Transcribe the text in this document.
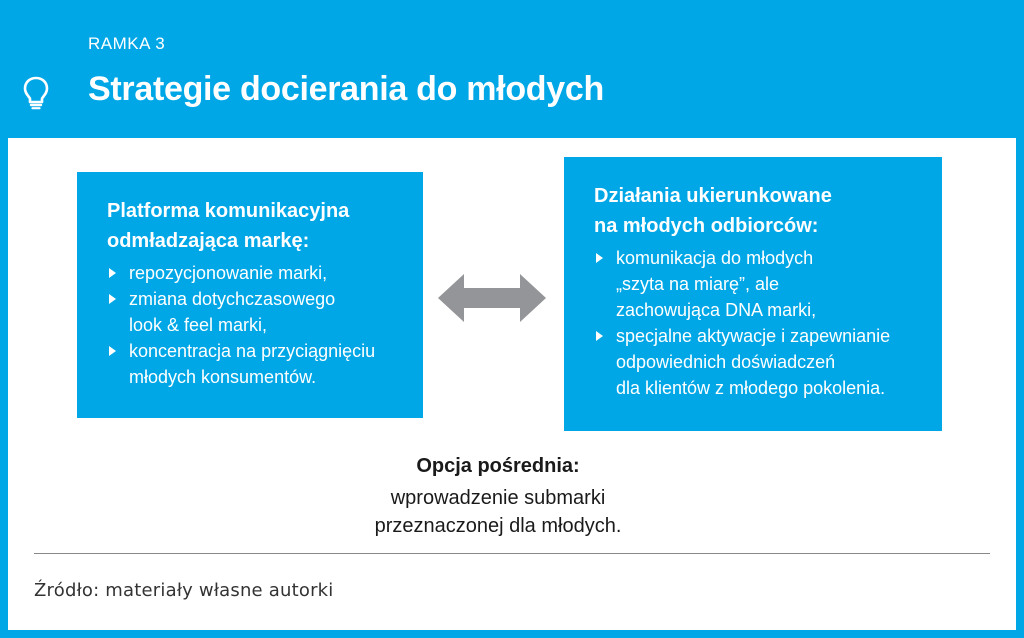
RAMKA 3
Strategie docierania do młodych
Platforma komunikacyjna
odmładzająca markę:
repozycjonowanie marki,
zmiana dotychczasowego
look & feel marki,
koncentracja na przyciągnięciu
młodych konsumentów.
Działania ukierunkowane
na młodych odbiorców:
komunikacja do młodych
„szyta na miarę”, ale
zachowująca DNA marki,
specjalne aktywacje i zapewnianie
odpowiednich doświadczeń
dla klientów z młodego pokolenia.
Opcja pośrednia:
wprowadzenie submarki
przeznaczonej dla młodych.
Źródło: materiały własne autorki
